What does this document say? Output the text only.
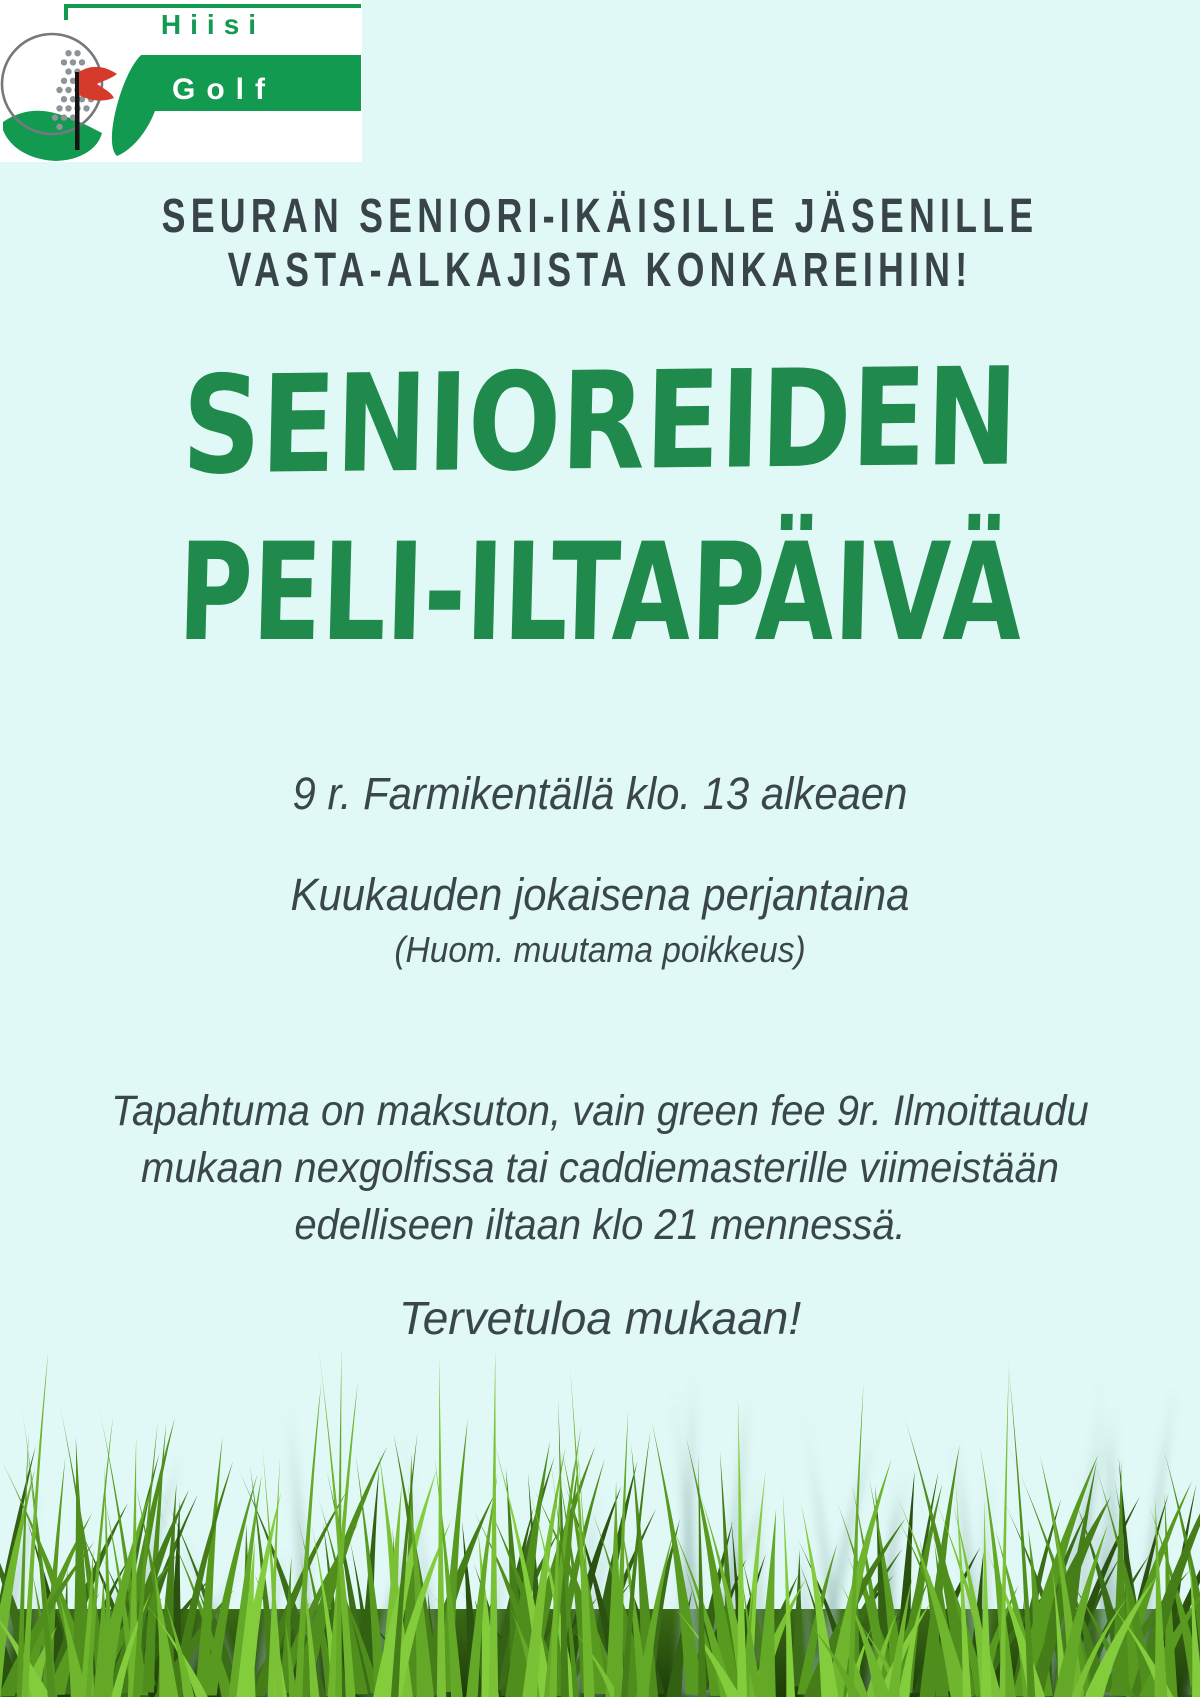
Hiisi
Golf
SEURAN SENIORI-IKÄISILLE JÄSENILLE
VASTA-ALKAJISTA KONKAREIHIN!
SENIOREIDEN
PELI-ILTAPÄIVÄ
9 r. Farmikentällä klo. 13 alkeaen
Kuukauden jokaisena perjantaina
(Huom. muutama poikkeus)
Tapahtuma on maksuton, vain green fee 9r. Ilmoittaudu
mukaan nexgolfissa tai caddiemasterille viimeistään
edelliseen iltaan klo 21 mennessä.
Tervetuloa mukaan!
